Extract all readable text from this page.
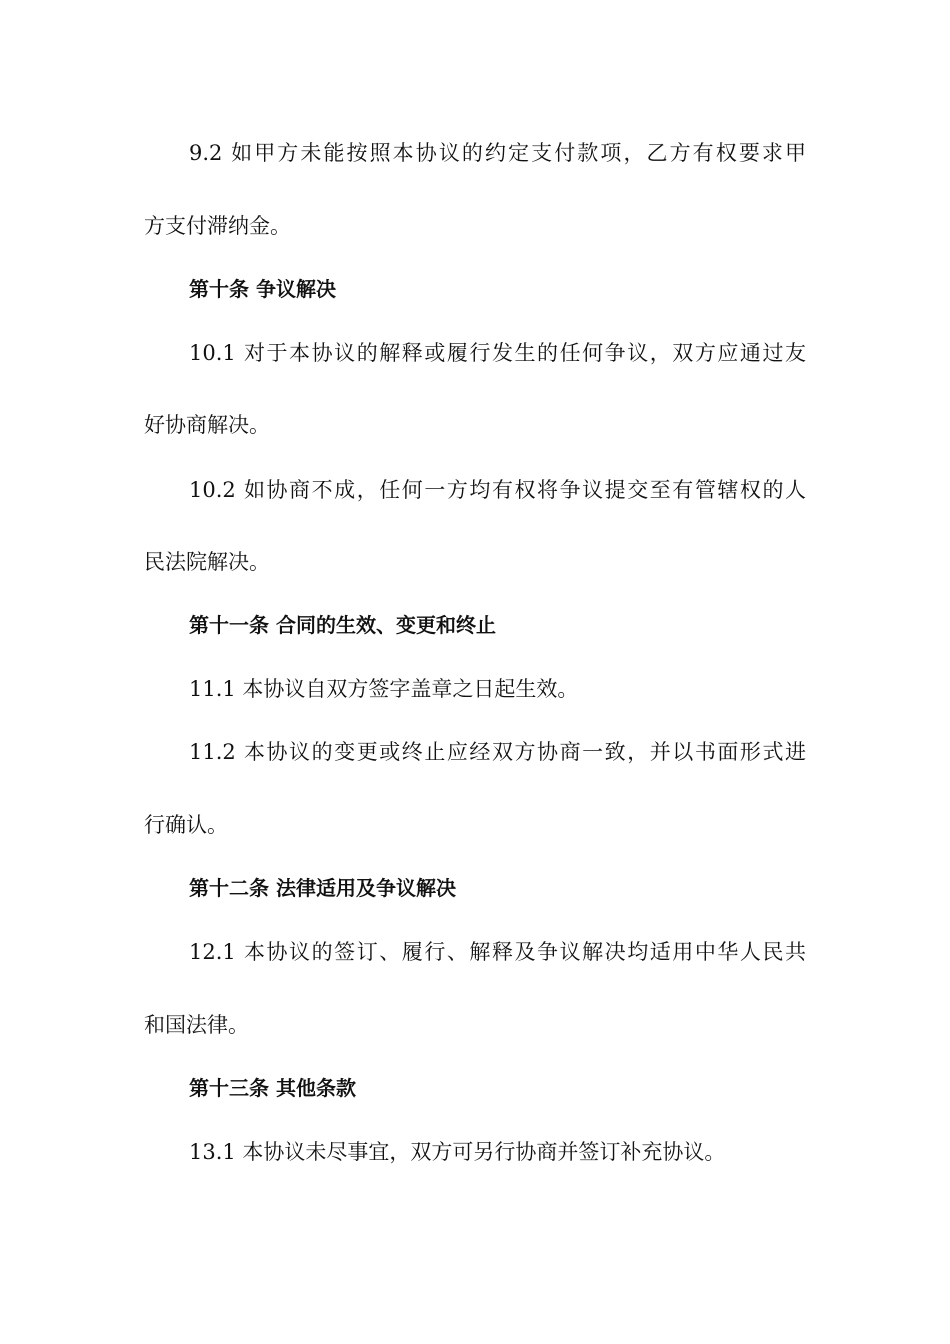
9.2 如甲方未能按照本协议的约定支付款项，乙方有权要求甲
方支付滞纳金。
第十条 争议解决
10.1 对于本协议的解释或履行发生的任何争议，双方应通过友
好协商解决。
10.2 如协商不成，任何一方均有权将争议提交至有管辖权的人
民法院解决。
第十一条 合同的生效、变更和终止
11.1 本协议自双方签字盖章之日起生效。
11.2 本协议的变更或终止应经双方协商一致，并以书面形式进
行确认。
第十二条 法律适用及争议解决
12.1 本协议的签订、履行、解释及争议解决均适用中华人民共
和国法律。
第十三条 其他条款
13.1 本协议未尽事宜，双方可另行协商并签订补充协议。
